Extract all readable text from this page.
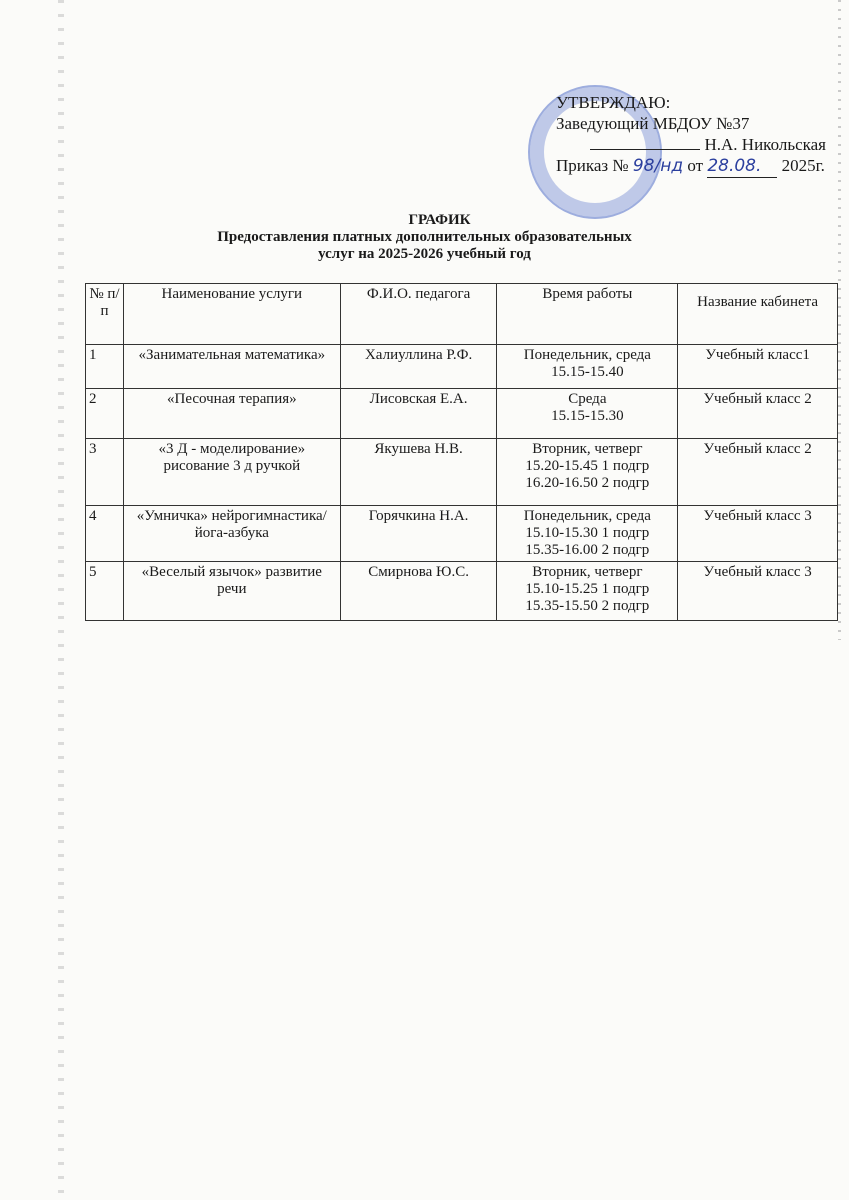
УТВЕРЖДАЮ:
Заведующий МБДОУ №37
Н.А. Никольская
Приказ № 98/нд от 28.08. 2025г.
ГРАФИК
Предоставления платных дополнительных образовательных
услуг на 2025-2026 учебный год
№ п/п	Наименование услуги	Ф.И.О. педагога	Время работы	Название кабинета
1	«Занимательная математика»	Халиуллина Р.Ф.	Понедельник, среда
15.15-15.40	Учебный класс1
2	«Песочная терапия»	Лисовская Е.А.	Среда
15.15-15.30	Учебный класс 2
3	«3 Д - моделирование» рисование 3 д ручкой	Якушева Н.В.	Вторник, четверг
15.20-15.45 1 подгр
16.20-16.50 2 подгр	Учебный класс 2
4	«Умничка» нейрогимнастика/ йога-азбука	Горячкина Н.А.	Понедельник, среда
15.10-15.30 1 подгр
15.35-16.00 2 подгр	Учебный класс 3
5	«Веселый язычок» развитие речи	Смирнова Ю.С.	Вторник, четверг
15.10-15.25 1 подгр
15.35-15.50 2 подгр	Учебный класс 3
